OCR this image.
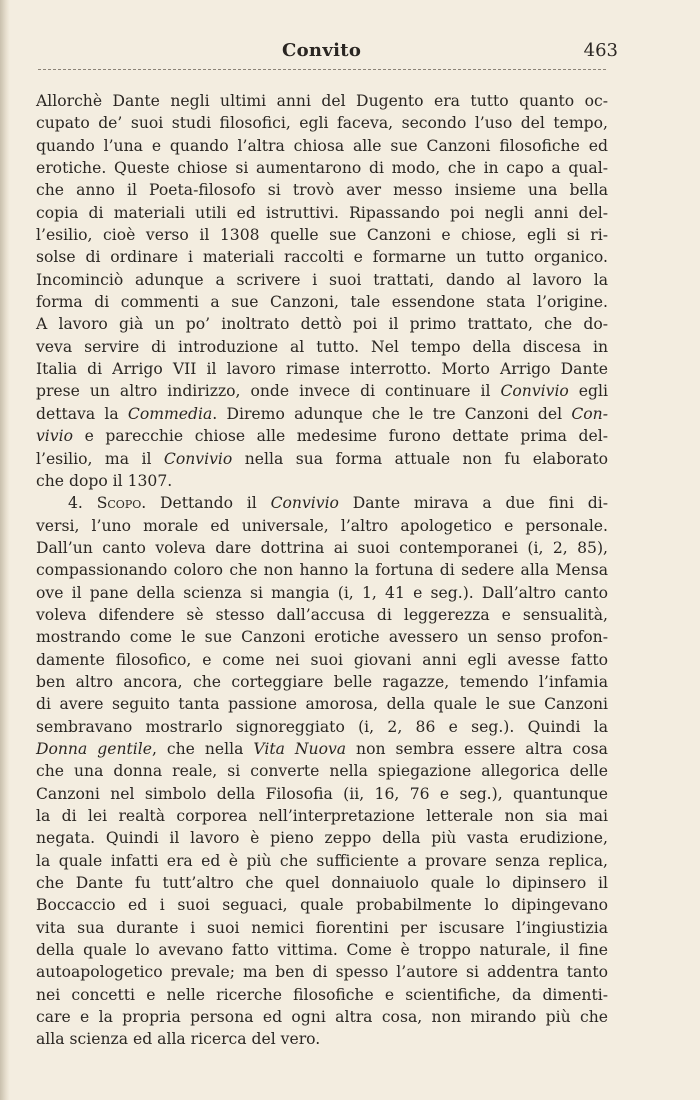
Convito	463
Allorchè Dante negli ultimi anni del Dugento era tutto quanto oc-
cupato de’ suoi studi filosofici, egli faceva, secondo l’uso del tempo,
quando l’una e quando l’altra chiosa alle sue Canzoni filosofiche ed
erotiche. Queste chiose si aumentarono di modo, che in capo a qual-
che anno il Poeta-filosofo si trovò aver messo insieme una bella
copia di materiali utili ed istruttivi. Ripassando poi negli anni del-
l’esilio, cioè verso il 1308 quelle sue Canzoni e chiose, egli si ri-
solse di ordinare i materiali raccolti e formarne un tutto organico.
Incominciò adunque a scrivere i suoi trattati, dando al lavoro la
forma di commenti a sue Canzoni, tale essendone stata l’origine.
A lavoro già un po’ inoltrato dettò poi il primo trattato, che do-
veva servire di introduzione al tutto. Nel tempo della discesa in
Italia di Arrigo VII il lavoro rimase interrotto. Morto Arrigo Dante
prese un altro indirizzo, onde invece di continuare il Convivio egli
dettava la Commedia. Diremo adunque che le tre Canzoni del Con-
vivio e parecchie chiose alle medesime furono dettate prima del-
l’esilio, ma il Convivio nella sua forma attuale non fu elaborato
che dopo il 1307.
4. Scopo. Dettando il Convivio Dante mirava a due fini di-
versi, l’uno morale ed universale, l’altro apologetico e personale.
Dall’un canto voleva dare dottrina ai suoi contemporanei (i, 2, 85),
compassionando coloro che non hanno la fortuna di sedere alla Mensa
ove il pane della scienza si mangia (i, 1, 41 e seg.). Dall’altro canto
voleva difendere sè stesso dall’accusa di leggerezza e sensualità,
mostrando come le sue Canzoni erotiche avessero un senso profon-
damente filosofico, e come nei suoi giovani anni egli avesse fatto
ben altro ancora, che corteggiare belle ragazze, temendo l’infamia
di avere seguito tanta passione amorosa, della quale le sue Canzoni
sembravano mostrarlo signoreggiato (i, 2, 86 e seg.). Quindi la
Donna gentile, che nella Vita Nuova non sembra essere altra cosa
che una donna reale, si converte nella spiegazione allegorica delle
Canzoni nel simbolo della Filosofia (ii, 16, 76 e seg.), quantunque
la di lei realtà corporea nell’interpretazione letterale non sia mai
negata. Quindi il lavoro è pieno zeppo della più vasta erudizione,
la quale infatti era ed è più che sufficiente a provare senza replica,
che Dante fu tutt’altro che quel donnaiuolo quale lo dipinsero il
Boccaccio ed i suoi seguaci, quale probabilmente lo dipingevano
vita sua durante i suoi nemici fiorentini per iscusare l’ingiustizia
della quale lo avevano fatto vittima. Come è troppo naturale, il fine
autoapologetico prevale; ma ben di spesso l’autore si addentra tanto
nei concetti e nelle ricerche filosofiche e scientifiche, da dimenti-
care e la propria persona ed ogni altra cosa, non mirando più che
alla scienza ed alla ricerca del vero.
